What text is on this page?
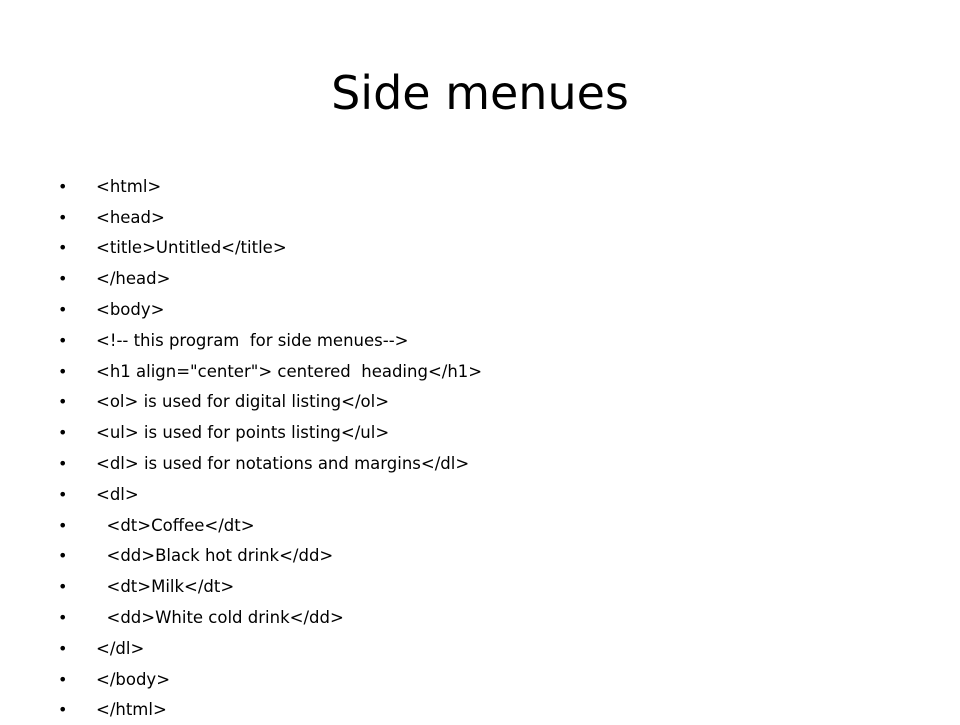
Side menues
•	<html>
•	<head>
•	<title>Untitled</title>
•	</head>
•	<body>
•	<!-- this program  for side menues-->
•	<h1 align="center"> centered  heading</h1>
•	<ol> is used for digital listing</ol>
•	<ul> is used for points listing</ul>
•	<dl> is used for notations and margins</dl>
•	<dl>
•	<dt>Coffee</dt>
•	<dd>Black hot drink</dd>
•	<dt>Milk</dt>
•	<dd>White cold drink</dd>
•	</dl>
•	</body>
•	</html>
